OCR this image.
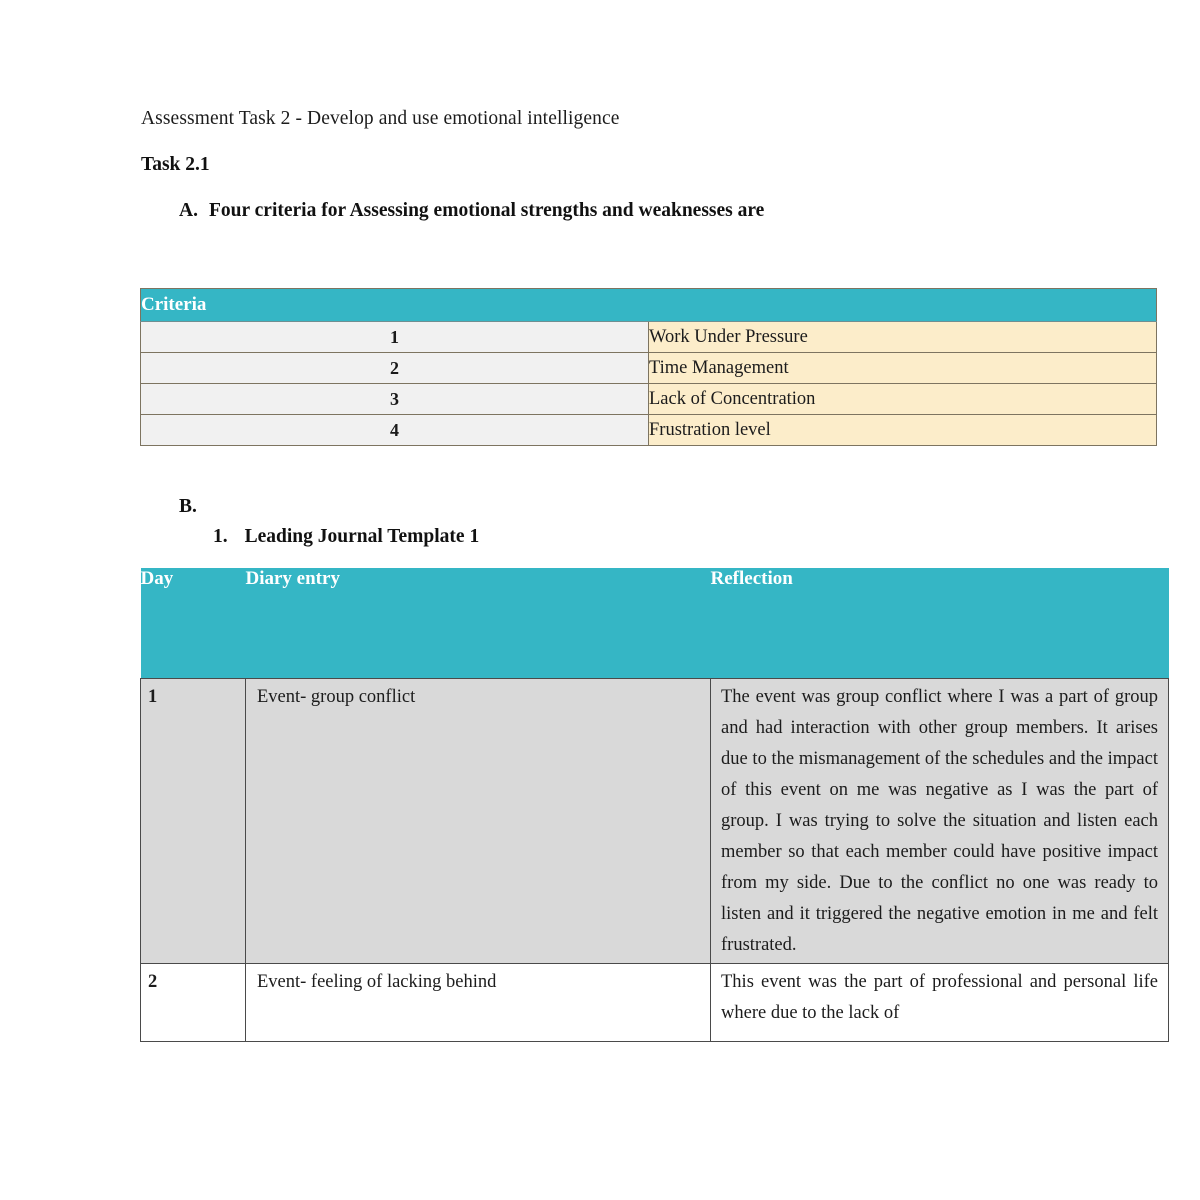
Assessment Task 2 - Develop and use emotional intelligence
Task 2.1
A. Four criteria for Assessing emotional strengths and weaknesses are
Criteria	
1	Work Under Pressure
2	Time Management
3	Lack of Concentration
4	Frustration level
B.
1. Leading Journal Template 1
Day	Diary entry	Reflection
1	Event- group conflict	The event was group conflict where I was a part of group and had interaction with other group members. It arises due to the mismanagement of the schedules and the impact of this event on me was negative as I was the part of group. I was trying to solve the situation and listen each member so that each member could have positive impact from my side. Due to the conflict no one was ready to listen and it triggered the negative emotion in me and felt frustrated.
2	Event- feeling of lacking behind	This event was the part of professional and personal life where due to the lack of
